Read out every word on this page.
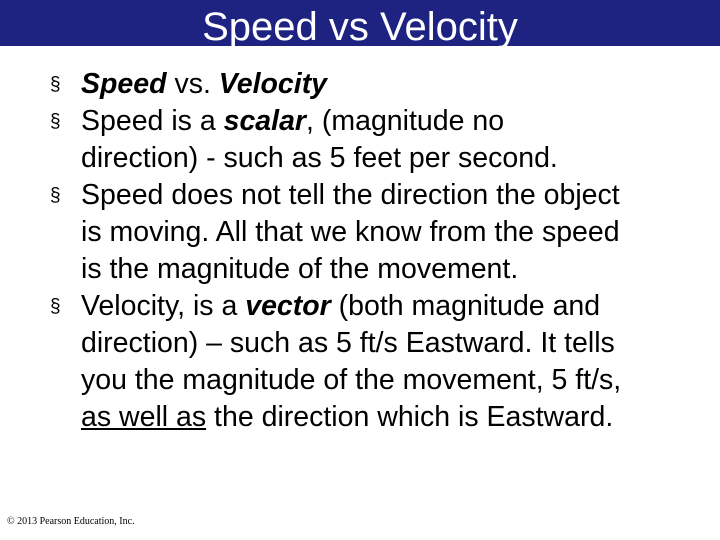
Speed vs Velocity
§ Speed vs. Velocity
§ Speed is a scalar, (magnitude no
direction) - such as 5 feet per second.
§ Speed does not tell the direction the object
is moving. All that we know from the speed
is the magnitude of the movement.
§ Velocity, is a vector (both magnitude and
direction) – such as 5 ft/s Eastward. It tells
you the magnitude of the movement, 5 ft/s,
as well as the direction which is Eastward.
© 2013 Pearson Education, Inc.
